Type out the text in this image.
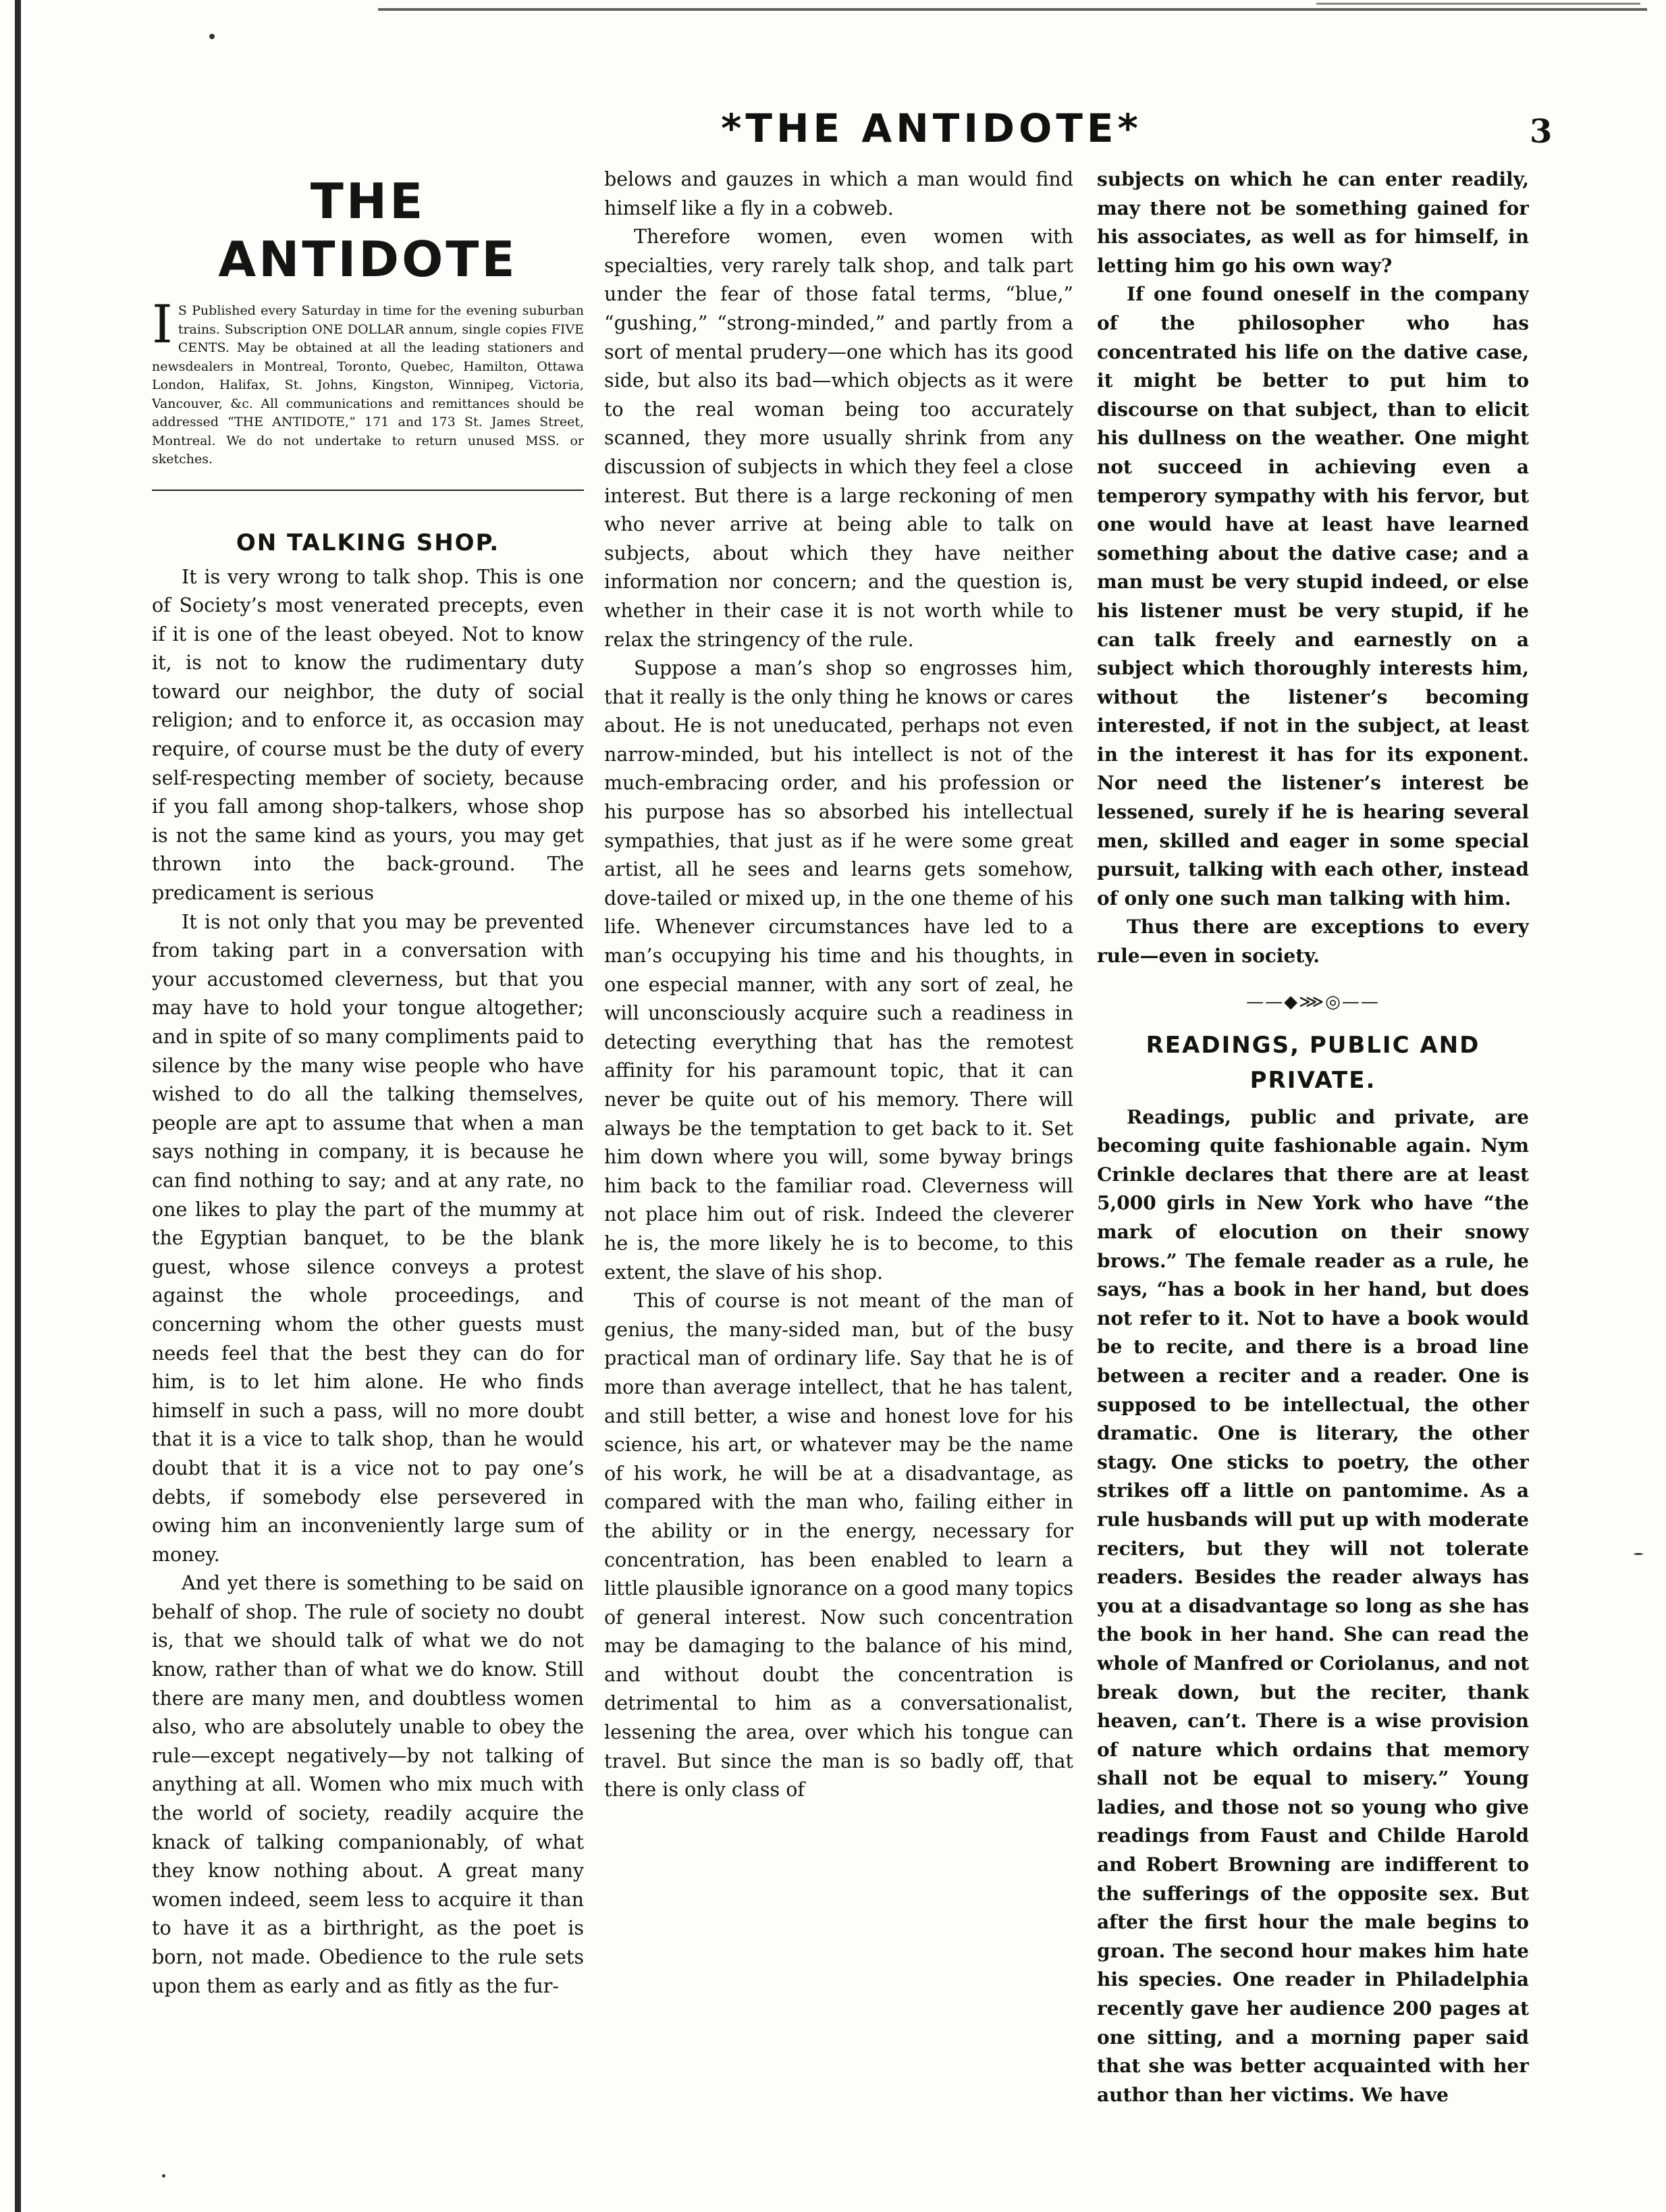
*THE ANTIDOTE*	3
THE ANTIDOTE
I S Published every Saturday in time for the evening suburban trains. Subscription ONE DOLLAR annum, single copies FIVE CENTS. May be obtained at all the leading stationers and newsdealers in Montreal, Toronto, Quebec, Hamilton, Ottawa London, Halifax, St. Johns, Kingston, Winnipeg, Victoria, Vancouver, &c. All communications and remittances should be addressed “THE ANTIDOTE,” 171 and 173 St. James Street, Montreal. We do not undertake to return unused MSS. or sketches.
ON TALKING SHOP.

It is very wrong to talk shop. This is one of Society’s most venerated precepts, even if it is one of the least obeyed. Not to know it, is not to know the rudimentary duty toward our neighbor, the duty of social religion; and to enforce it, as occasion may require, of course must be the duty of every self-respecting member of society, because if you fall among shop-talkers, whose shop is not the same kind as yours, you may get thrown into the back-ground. The predicament is serious

It is not only that you may be prevented from taking part in a conversation with your accustomed cleverness, but that you may have to hold your tongue altogether; and in spite of so many compliments paid to silence by the many wise people who have wished to do all the talking themselves, people are apt to assume that when a man says nothing in company, it is because he can find nothing to say; and at any rate, no one likes to play the part of the mummy at the Egyptian banquet, to be the blank guest, whose silence conveys a protest against the whole proceedings, and concerning whom the other guests must needs feel that the best they can do for him, is to let him alone. He who finds himself in such a pass, will no more doubt that it is a vice to talk shop, than he would doubt that it is a vice not to pay one’s debts, if somebody else persevered in owing him an inconveniently large sum of money.

And yet there is something to be said on behalf of shop. The rule of society no doubt is, that we should talk of what we do not know, rather than of what we do know. Still there are many men, and doubtless women also, who are absolutely unable to obey the rule—except negatively—by not talking of anything at all. Women who mix much with the world of society, readily acquire the knack of talking companionably, of what they know nothing about. A great many women indeed, seem less to acquire it than to have it as a birthright, as the poet is born, not made. Obedience to the rule sets upon them as early and as fitly as the fur-

belows and gauzes in which a man would find himself like a fly in a cobweb.

Therefore women, even women with specialties, very rarely talk shop, and talk part under the fear of those fatal terms, “blue,” “gushing,” “strong-minded,” and partly from a sort of mental prudery—one which has its good side, but also its bad—which objects as it were to the real woman being too accurately scanned, they more usually shrink from any discussion of subjects in which they feel a close interest. But there is a large reckoning of men who never arrive at being able to talk on subjects, about which they have neither information nor concern; and the question is, whether in their case it is not worth while to relax the stringency of the rule.

Suppose a man’s shop so engrosses him, that it really is the only thing he knows or cares about. He is not uneducated, perhaps not even narrow-minded, but his intellect is not of the much-embracing order, and his profession or his purpose has so absorbed his intellectual sympathies, that just as if he were some great artist, all he sees and learns gets somehow, dove-tailed or mixed up, in the one theme of his life. Whenever circumstances have led to a man’s occupying his time and his thoughts, in one especial manner, with any sort of zeal, he will unconsciously acquire such a readiness in detecting everything that has the remotest affinity for his paramount topic, that it can never be quite out of his memory. There will always be the temptation to get back to it. Set him down where you will, some byway brings him back to the familiar road. Cleverness will not place him out of risk. Indeed the cleverer he is, the more likely he is to become, to this extent, the slave of his shop.

This of course is not meant of the man of genius, the many-sided man, but of the busy practical man of ordinary life. Say that he is of more than average intellect, that he has talent, and still better, a wise and honest love for his science, his art, or whatever may be the name of his work, he will be at a disadvantage, as compared with the man who, failing either in the ability or in the energy, necessary for concentration, has been enabled to learn a little plausible ignorance on a good many topics of general interest. Now such concentration may be damaging to the balance of his mind, and without doubt the concentration is detrimental to him as a conversationalist, lessening the area, over which his tongue can travel. But since the man is so badly off, that there is only class of

subjects on which he can enter readily, may there not be something gained for his associates, as well as for himself, in letting him go his own way?

If one found oneself in the company of the philosopher who has concentrated his life on the dative case, it might be better to put him to discourse on that subject, than to elicit his dullness on the weather. One might not succeed in achieving even a temperory sympathy with his fervor, but one would have at least have learned something about the dative case; and a man must be very stupid indeed, or else his listener must be very stupid, if he can talk freely and earnestly on a subject which thoroughly interests him, without the listener’s becoming interested, if not in the subject, at least in the interest it has for its exponent. Nor need the listener’s interest be lessened, surely if he is hearing several men, skilled and eager in some special pursuit, talking with each other, instead of only one such man talking with him.

Thus there are exceptions to every rule—even in society.

——◆⋙◎——
READINGS, PUBLIC AND
PRIVATE.

Readings, public and private, are becoming quite fashionable again. Nym Crinkle declares that there are at least 5,000 girls in New York who have “the mark of elocution on their snowy brows.” The female reader as a rule, he says, “has a book in her hand, but does not refer to it. Not to have a book would be to recite, and there is a broad line between a reciter and a reader. One is supposed to be intellectual, the other dramatic. One is literary, the other stagy. One sticks to poetry, the other strikes off a little on pantomime. As a rule husbands will put up with moderate reciters, but they will not tolerate readers. Besides the reader always has you at a disadvantage so long as she has the book in her hand. She can read the whole of Manfred or Coriolanus, and not break down, but the reciter, thank heaven, can’t. There is a wise provision of nature which ordains that memory shall not be equal to misery.” Young ladies, and those not so young who give readings from Faust and Childe Harold and Robert Browning are indifferent to the sufferings of the opposite sex. But after the first hour the male begins to groan. The second hour makes him hate his species. One reader in Philadelphia recently gave her audience 200 pages at one sitting, and a morning paper said that she was better acquainted with her author than her victims. We have
